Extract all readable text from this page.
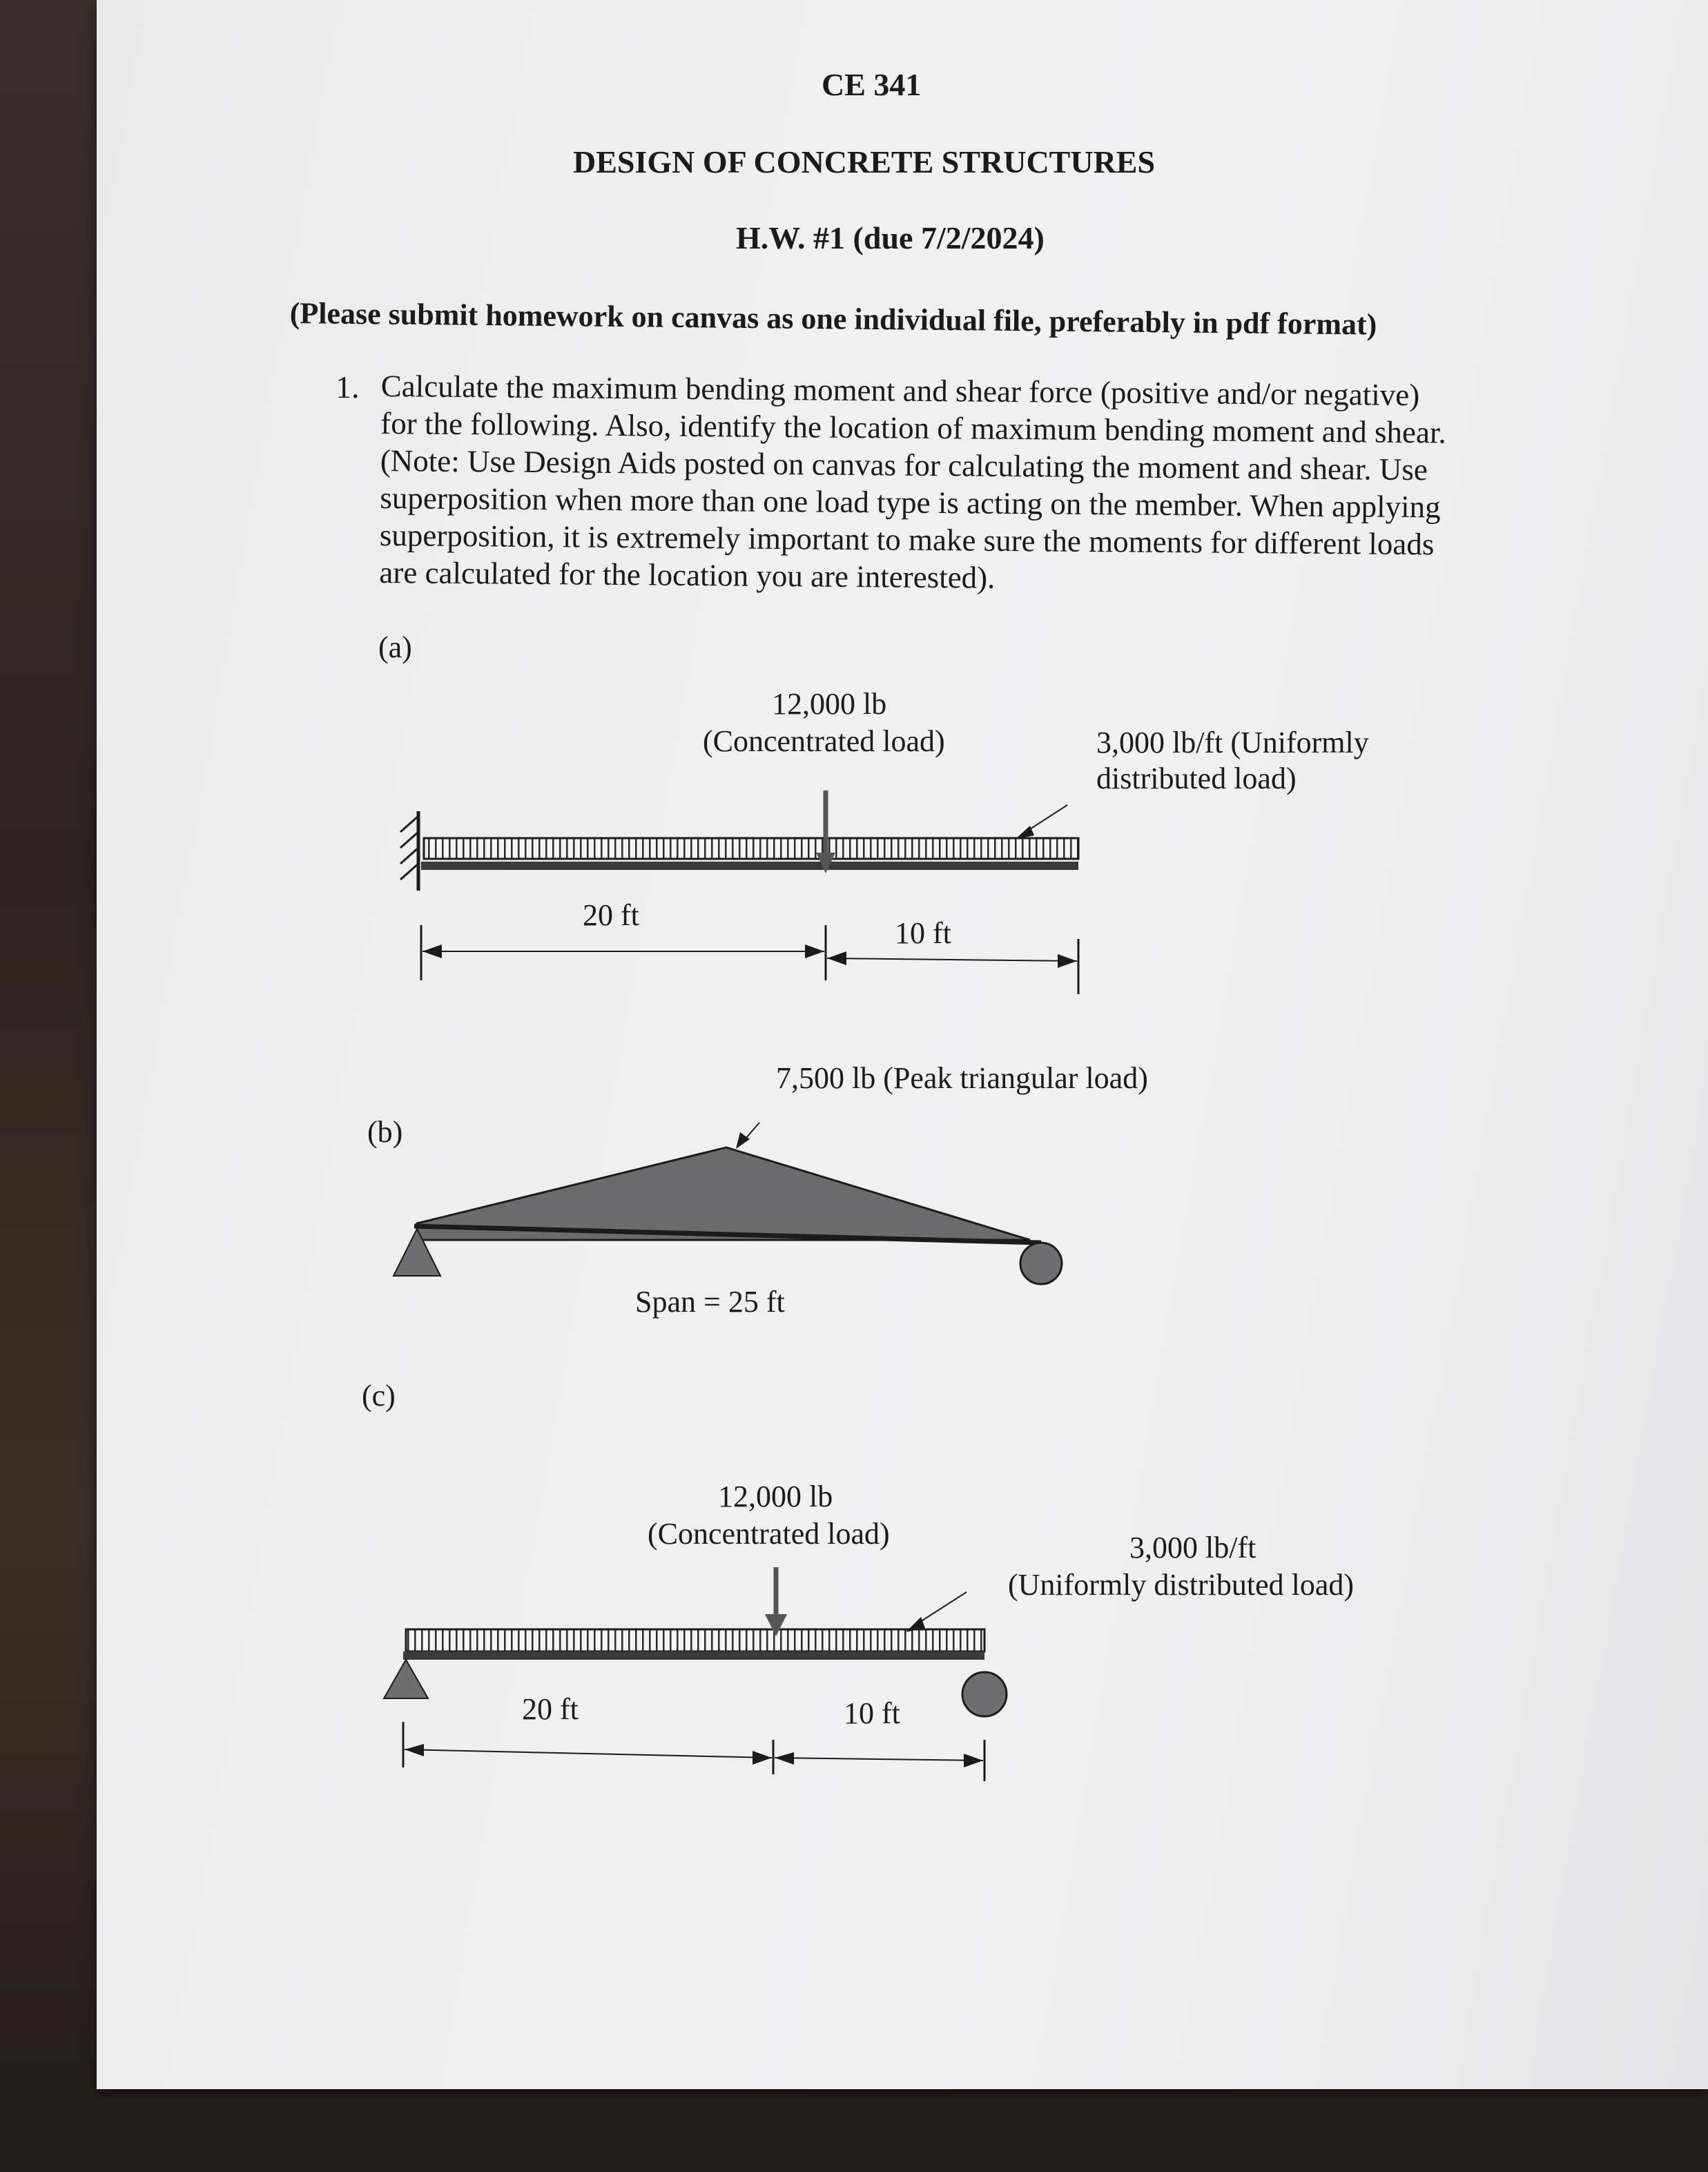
CE 341
DESIGN OF CONCRETE STRUCTURES
H.W. #1 (due 7/2/2024)
(Please submit homework on canvas as one individual file, preferably in pdf format)
1. Calculate the maximum bending moment and shear force (positive and/or negative) for the following. Also, identify the location of maximum bending moment and shear. (Note: Use Design Aids posted on canvas for calculating the moment and shear. Use superposition when more than one load type is acting on the member. When applying superposition, it is extremely important to make sure the moments for different loads are calculated for the location you are interested).
(a)
12,000 lb
(Concentrated load)	3,000 lb/ft (Uniformly
distributed load)
20 ft
10 ft
7,500 lb (Peak triangular load)
(b)
Span = 25 ft
(c)
12,000 lb
(Concentrated load)	3,000 lb/ft
(Uniformly distributed load)
20 ft	10 ft
